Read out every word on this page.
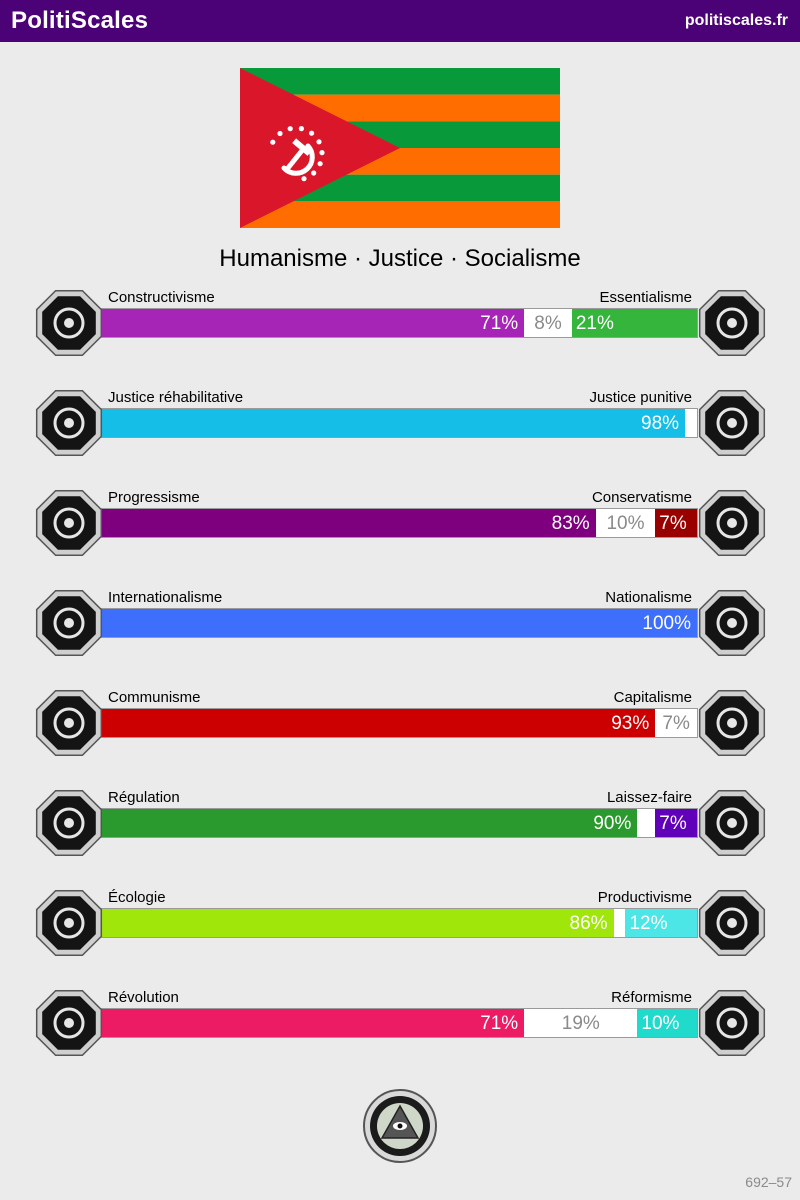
PolitiScales	politiscales.fr
Humanisme · Justice · Socialisme
Constructivisme	Essentialisme
71% 8% 21%
Justice réhabilitative	Justice punitive
98%
Progressisme	Conservatisme
83% 10% 7%
Internationalisme	Nationalisme
100%
Communisme	Capitalisme
93% 7%
Régulation	Laissez-faire
90% 7%
Écologie	Productivisme
86% 12%
Révolution	Réformisme
71%	19%	10%
692–57
